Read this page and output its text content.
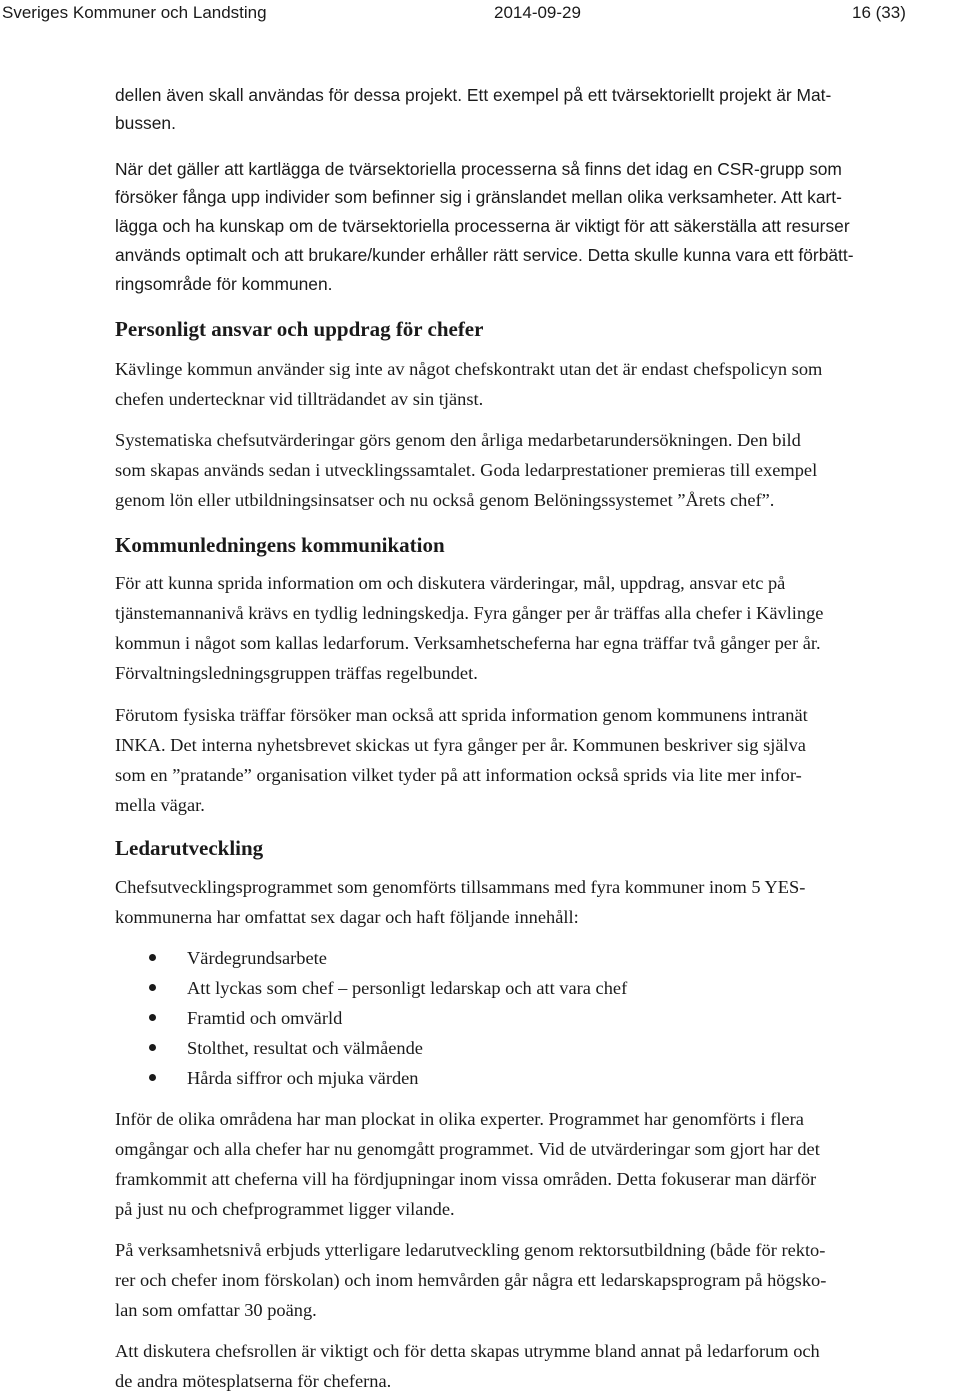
Sveriges Kommuner och Landsting	2014-09-29	16 (33)
dellen även skall användas för dessa projekt. Ett exempel på ett tvärsektoriellt projekt är Mat-
bussen.
När det gäller att kartlägga de tvärsektoriella processerna så finns det idag en CSR-grupp som
försöker fånga upp individer som befinner sig i gränslandet mellan olika verksamheter. Att kart-
lägga och ha kunskap om de tvärsektoriella processerna är viktigt för att säkerställa att resurser
används optimalt och att brukare/kunder erhåller rätt service. Detta skulle kunna vara ett förbätt-
ringsområde för kommunen.
Personligt ansvar och uppdrag för chefer
Kävlinge kommun använder sig inte av något chefskontrakt utan det är endast chefspolicyn som
chefen undertecknar vid tillträdandet av sin tjänst.
Systematiska chefsutvärderingar görs genom den årliga medarbetarundersökningen. Den bild
som skapas används sedan i utvecklingssamtalet. Goda ledarprestationer premieras till exempel
genom lön eller utbildningsinsatser och nu också genom Belöningssystemet ”Årets chef”.
Kommunledningens kommunikation
För att kunna sprida information om och diskutera värderingar, mål, uppdrag, ansvar etc på
tjänstemannanivå krävs en tydlig ledningskedja. Fyra gånger per år träffas alla chefer i Kävlinge
kommun i något som kallas ledarforum. Verksamhetscheferna har egna träffar två gånger per år.
Förvaltningsledningsgruppen träffas regelbundet.
Förutom fysiska träffar försöker man också att sprida information genom kommunens intranät
INKA. Det interna nyhetsbrevet skickas ut fyra gånger per år. Kommunen beskriver sig själva
som en ”pratande” organisation vilket tyder på att information också sprids via lite mer infor-
mella vägar.
Ledarutveckling
Chefsutvecklingsprogrammet som genomförts tillsammans med fyra kommuner inom 5 YES-
kommunerna har omfattat sex dagar och haft följande innehåll:
Värdegrundsarbete
Att lyckas som chef – personligt ledarskap och att vara chef
Framtid och omvärld
Stolthet, resultat och välmående
Hårda siffror och mjuka värden
Inför de olika områdena har man plockat in olika experter. Programmet har genomförts i flera
omgångar och alla chefer har nu genomgått programmet. Vid de utvärderingar som gjort har det
framkommit att cheferna vill ha fördjupningar inom vissa områden. Detta fokuserar man därför
på just nu och chefprogrammet ligger vilande.
På verksamhetsnivå erbjuds ytterligare ledarutveckling genom rektorsutbildning (både för rekto-
rer och chefer inom förskolan) och inom hemvården går några ett ledarskapsprogram på högsko-
lan som omfattar 30 poäng.
Att diskutera chefsrollen är viktigt och för detta skapas utrymme bland annat på ledarforum och
de andra mötesplatserna för cheferna.
